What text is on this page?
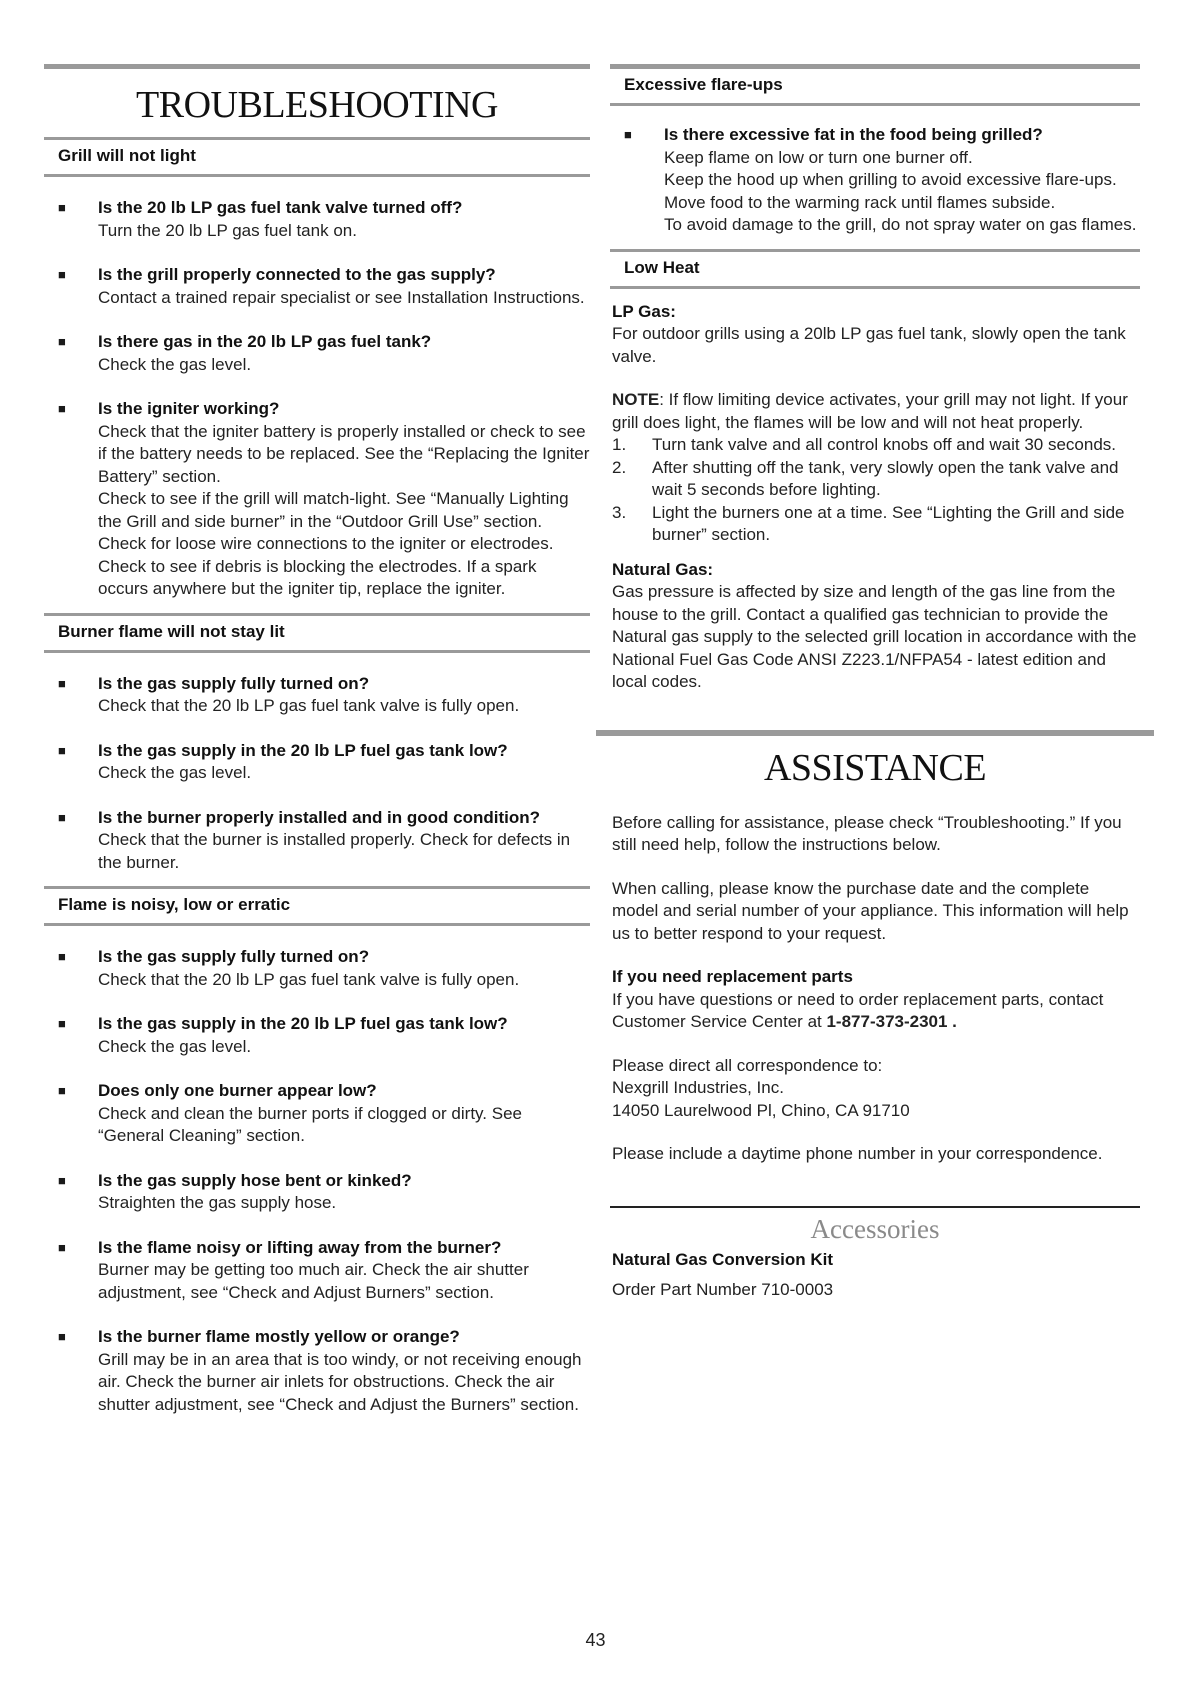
TROUBLESHOOTING
Grill will not light
■ Is the 20 lb LP gas fuel tank valve turned off?
Turn the 20 lb LP gas fuel tank on.
■ Is the grill properly connected to the gas supply?
Contact a trained repair specialist or see Installation Instructions.
■ Is there gas in the 20 lb LP gas fuel tank?
Check the gas level.
■ Is the igniter working?
Check that the igniter battery is properly installed or check to see if the battery needs to be replaced. See the “Replacing the Igniter Battery” section.
Check to see if the grill will match-light. See “Manually Lighting the Grill and side burner” in the “Outdoor Grill Use” section.
Check for loose wire connections to the igniter or electrodes.
Check to see if debris is blocking the electrodes. If a spark occurs anywhere but the igniter tip, replace the igniter.
Burner flame will not stay lit
■ Is the gas supply fully turned on?
Check that the 20 lb LP gas fuel tank valve is fully open.
■ Is the gas supply in the 20 lb LP fuel gas tank low?
Check the gas level.
■ Is the burner properly installed and in good condition?
Check that the burner is installed properly. Check for defects in the burner.
Flame is noisy, low or erratic
■ Is the gas supply fully turned on?
Check that the 20 lb LP gas fuel tank valve is fully open.
■ Is the gas supply in the 20 lb LP fuel gas tank low?
Check the gas level.
■ Does only one burner appear low?
Check and clean the burner ports if clogged or dirty. See “General Cleaning” section.
■ Is the gas supply hose bent or kinked?
Straighten the gas supply hose.
■ Is the flame noisy or lifting away from the burner?
Burner may be getting too much air. Check the air shutter adjustment, see “Check and Adjust Burners” section.
■ Is the burner flame mostly yellow or orange?
Grill may be in an area that is too windy, or not receiving enough air. Check the burner air inlets for obstructions. Check the air shutter adjustment, see “Check and Adjust the Burners” section.
Excessive flare-ups
■ Is there excessive fat in the food being grilled?
Keep flame on low or turn one burner off.
Keep the hood up when grilling to avoid excessive flare-ups.
Move food to the warming rack until flames subside.
To avoid damage to the grill, do not spray water on gas flames.
Low Heat
LP Gas:

For outdoor grills using a 20lb LP gas fuel tank, slowly open the tank valve.

NOTE: If flow limiting device activates, your grill may not light. If your grill does light, the flames will be low and will not heat properly.

1. Turn tank valve and all control knobs off and wait 30 seconds.
2. After shutting off the tank, very slowly open the tank valve and wait 5 seconds before lighting.
3. Light the burners one at a time. See “Lighting the Grill and side burner” section.
Natural Gas:

Gas pressure is affected by size and length of the gas line from the house to the grill. Contact a qualified gas technician to provide the Natural gas supply to the selected grill location in accordance with the National Fuel Gas Code ANSI Z223.1/NFPA54 - latest edition and local codes.

ASSISTANCE

Before calling for assistance, please check “Troubleshooting.” If you still need help, follow the instructions below.

When calling, please know the purchase date and the complete model and serial number of your appliance. This information will help us to better respond to your request.

If you need replacement parts

If you have questions or need to order replacement parts, contact Customer Service Center at 1-877-373-2301 .

Please direct all correspondence to:
Nexgrill Industries, Inc.
14050 Laurelwood Pl, Chino, CA 91710

Please include a daytime phone number in your correspondence.

Accessories
Natural Gas Conversion Kit

Order Part Number 710-0003

43
